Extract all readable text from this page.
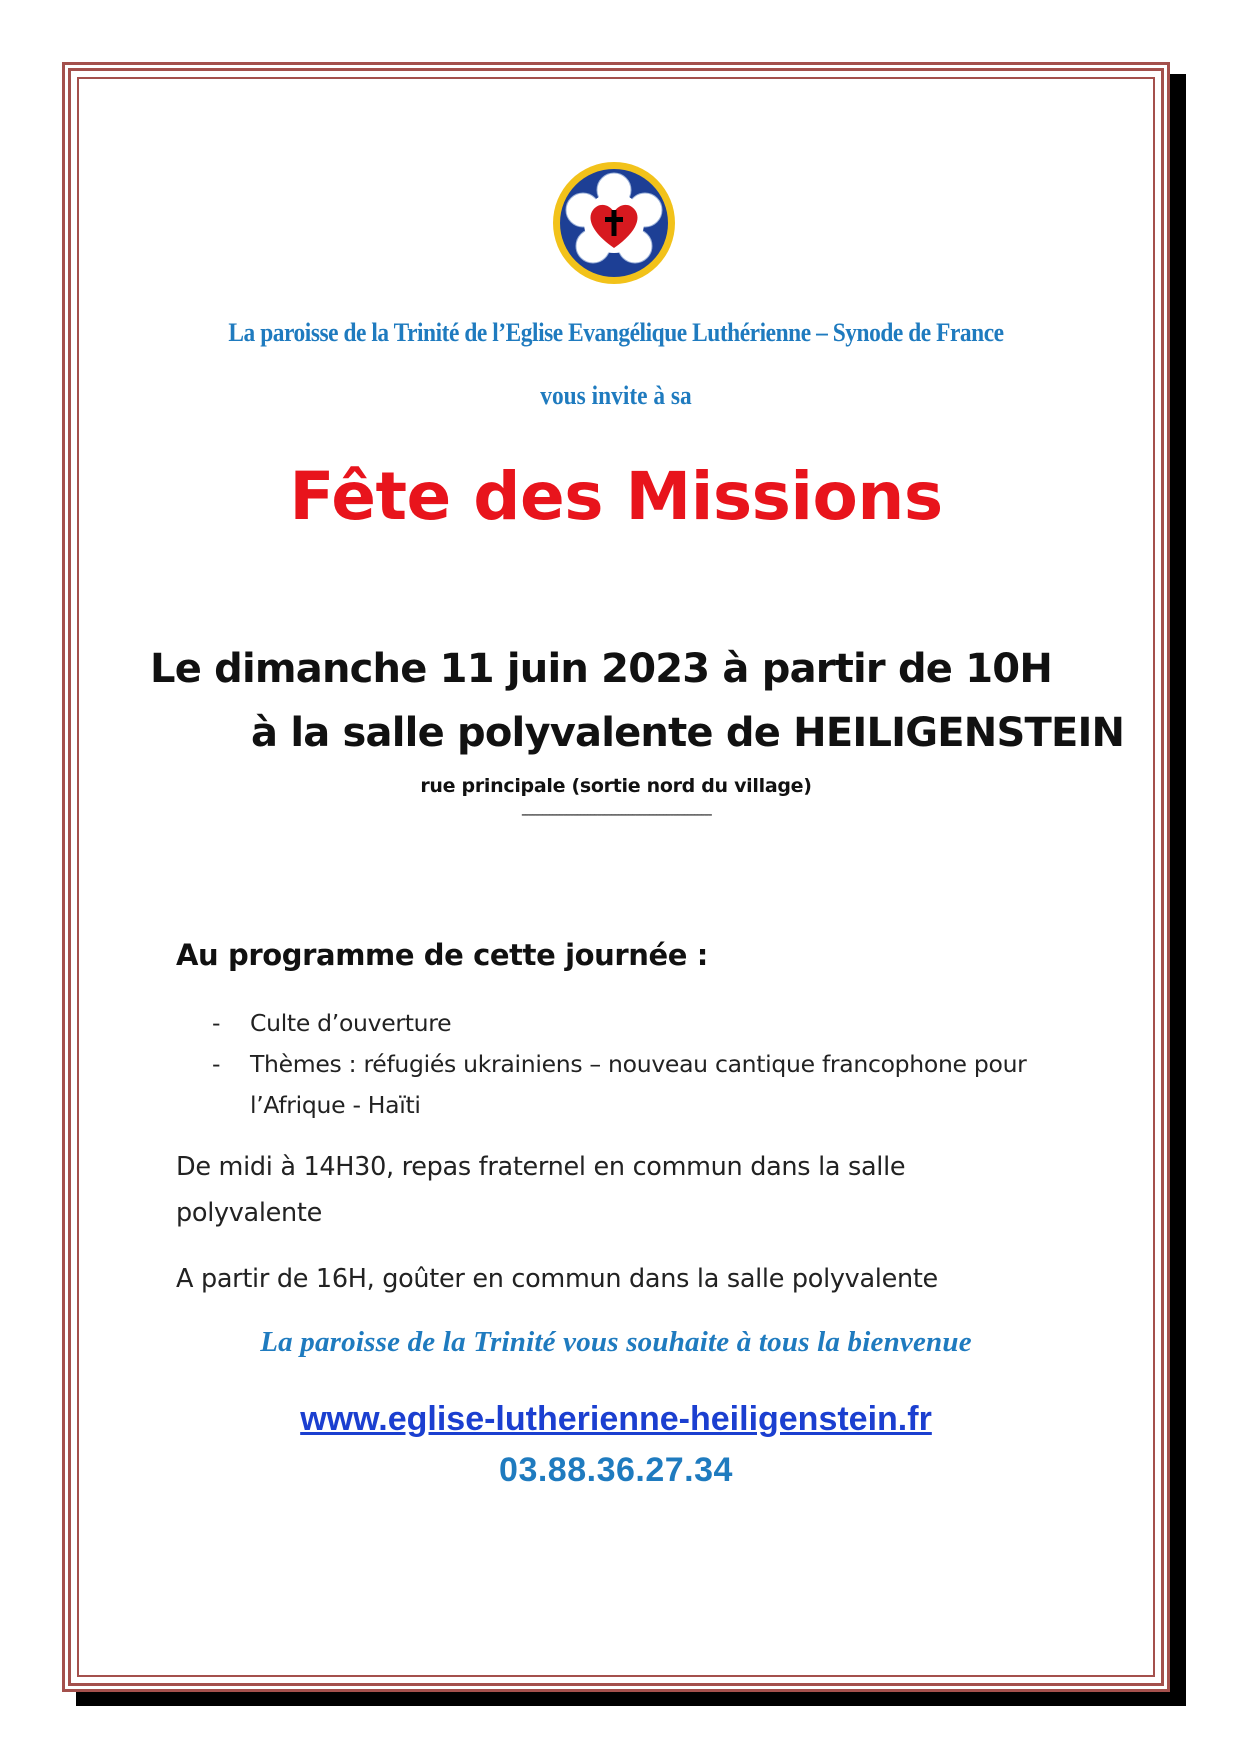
La paroisse de la Trinité de l’Eglise Evangélique Luthérienne – Synode de France
vous invite à sa
Fête des Missions
Le dimanche 11 juin 2023 à partir de 10H
à la salle polyvalente de HEILIGENSTEIN
rue principale (sortie nord du village)
-------------------------------------------------------
Au programme de cette journée :
- Culte d’ouverture
- Thèmes : réfugiés ukrainiens – nouveau cantique francophone pour l’Afrique - Haïti
De midi à 14H30, repas fraternel en commun dans la salle polyvalente
A partir de 16H, goûter en commun dans la salle polyvalente
La paroisse de la Trinité vous souhaite à tous la bienvenue
www.eglise-lutherienne-heiligenstein.fr
03.88.36.27.34
